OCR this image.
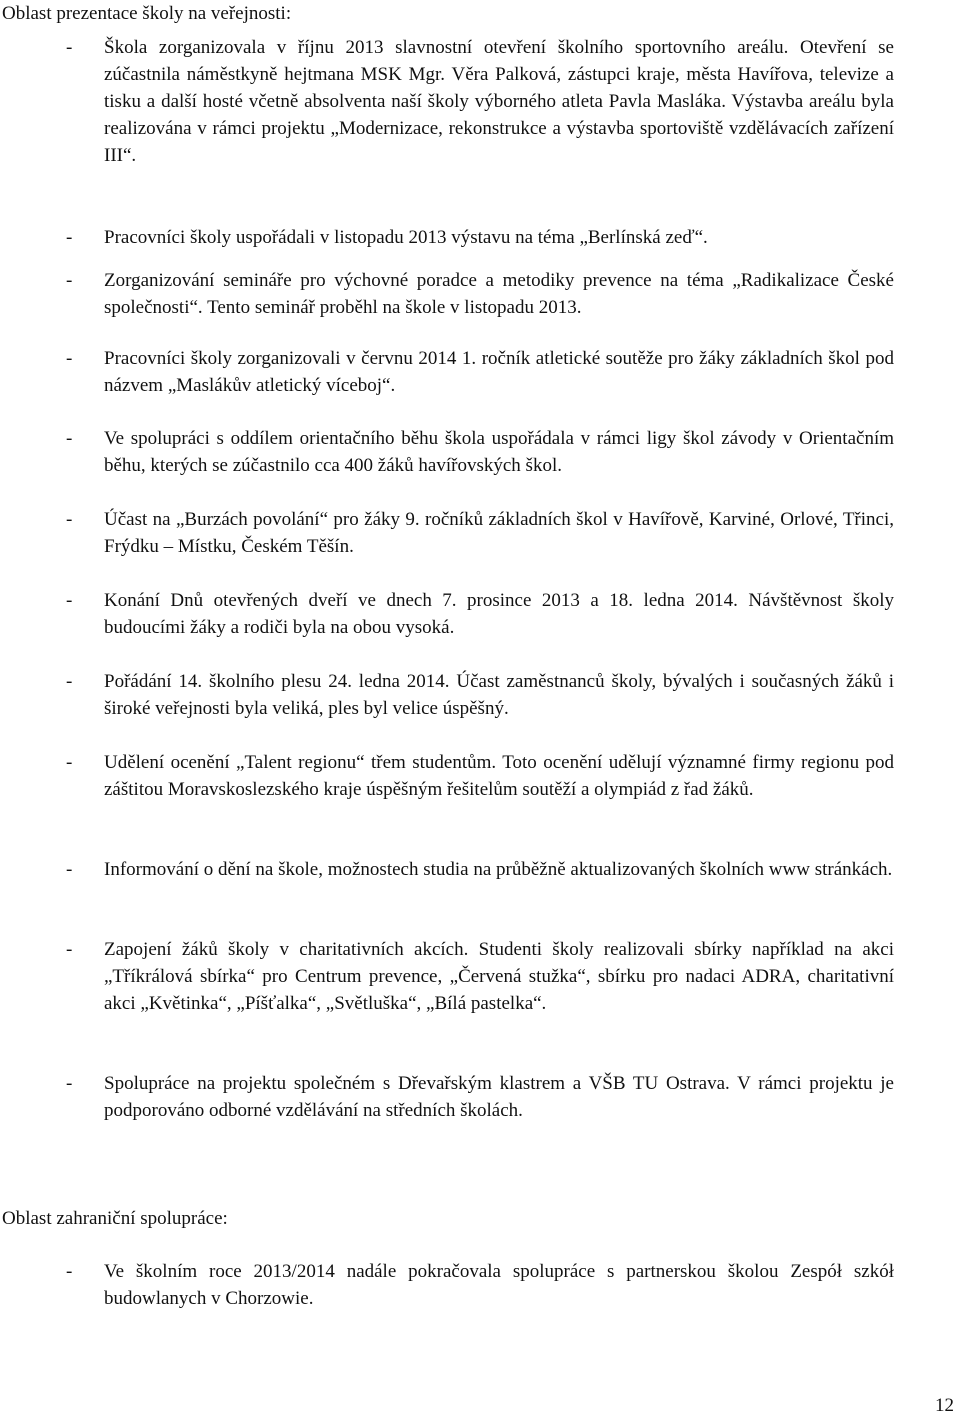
Oblast prezentace školy na veřejnosti:
- Škola zorganizovala v říjnu 2013 slavnostní otevření školního sportovního areálu. Otevření se zúčastnila náměstkyně hejtmana MSK Mgr. Věra Palková, zástupci kraje, města Havířova, televize a tisku a další hosté včetně absolventa naší školy výborného atleta Pavla Masláka. Výstavba areálu byla realizována v rámci projektu „Modernizace, rekonstrukce a výstavba sportoviště vzdělávacích zařízení III“.
- Pracovníci školy uspořádali v listopadu 2013 výstavu na téma „Berlínská zeď“.
- Zorganizování semináře pro výchovné poradce a metodiky prevence na téma „Radikalizace České společnosti“. Tento seminář proběhl na škole v listopadu 2013.
- Pracovníci školy zorganizovali v červnu 2014 1. ročník atletické soutěže pro žáky základních škol pod názvem „Maslákův atletický víceboj“.
- Ve spolupráci s oddílem orientačního běhu škola uspořádala v rámci ligy škol závody v Orientačním běhu, kterých se zúčastnilo cca 400 žáků havířovských škol.
- Účast na „Burzách povolání“ pro žáky 9. ročníků základních škol v Havířově, Karviné, Orlové, Třinci, Frýdku – Místku, Českém Těšín.
- Konání Dnů otevřených dveří ve dnech 7. prosince 2013 a 18. ledna 2014. Návštěvnost školy budoucími žáky a rodiči byla na obou vysoká.
- Pořádání 14. školního plesu 24. ledna 2014. Účast zaměstnanců školy, bývalých i současných žáků i široké veřejnosti byla veliká, ples byl velice úspěšný.
- Udělení ocenění „Talent regionu“ třem studentům. Toto ocenění udělují významné firmy regionu pod záštitou Moravskoslezského kraje úspěšným řešitelům soutěží a olympiád z řad žáků.
- Informování o dění na škole, možnostech studia na průběžně aktualizovaných školních www stránkách.
- Zapojení žáků školy v charitativních akcích. Studenti školy realizovali sbírky například na akci „Tříkrálová sbírka“ pro Centrum prevence, „Červená stužka“, sbírku pro nadaci ADRA, charitativní akci „Květinka“, „Píšťalka“, „Světluška“, „Bílá pastelka“.
- Spolupráce na projektu společném s Dřevařským klastrem a VŠB TU Ostrava. V rámci projektu je podporováno odborné vzdělávání na středních školách.
Oblast zahraniční spolupráce:
- Ve školním roce 2013/2014 nadále pokračovala spolupráce s partnerskou školou Zespół szkół budowlanych v Chorzowie.
12
